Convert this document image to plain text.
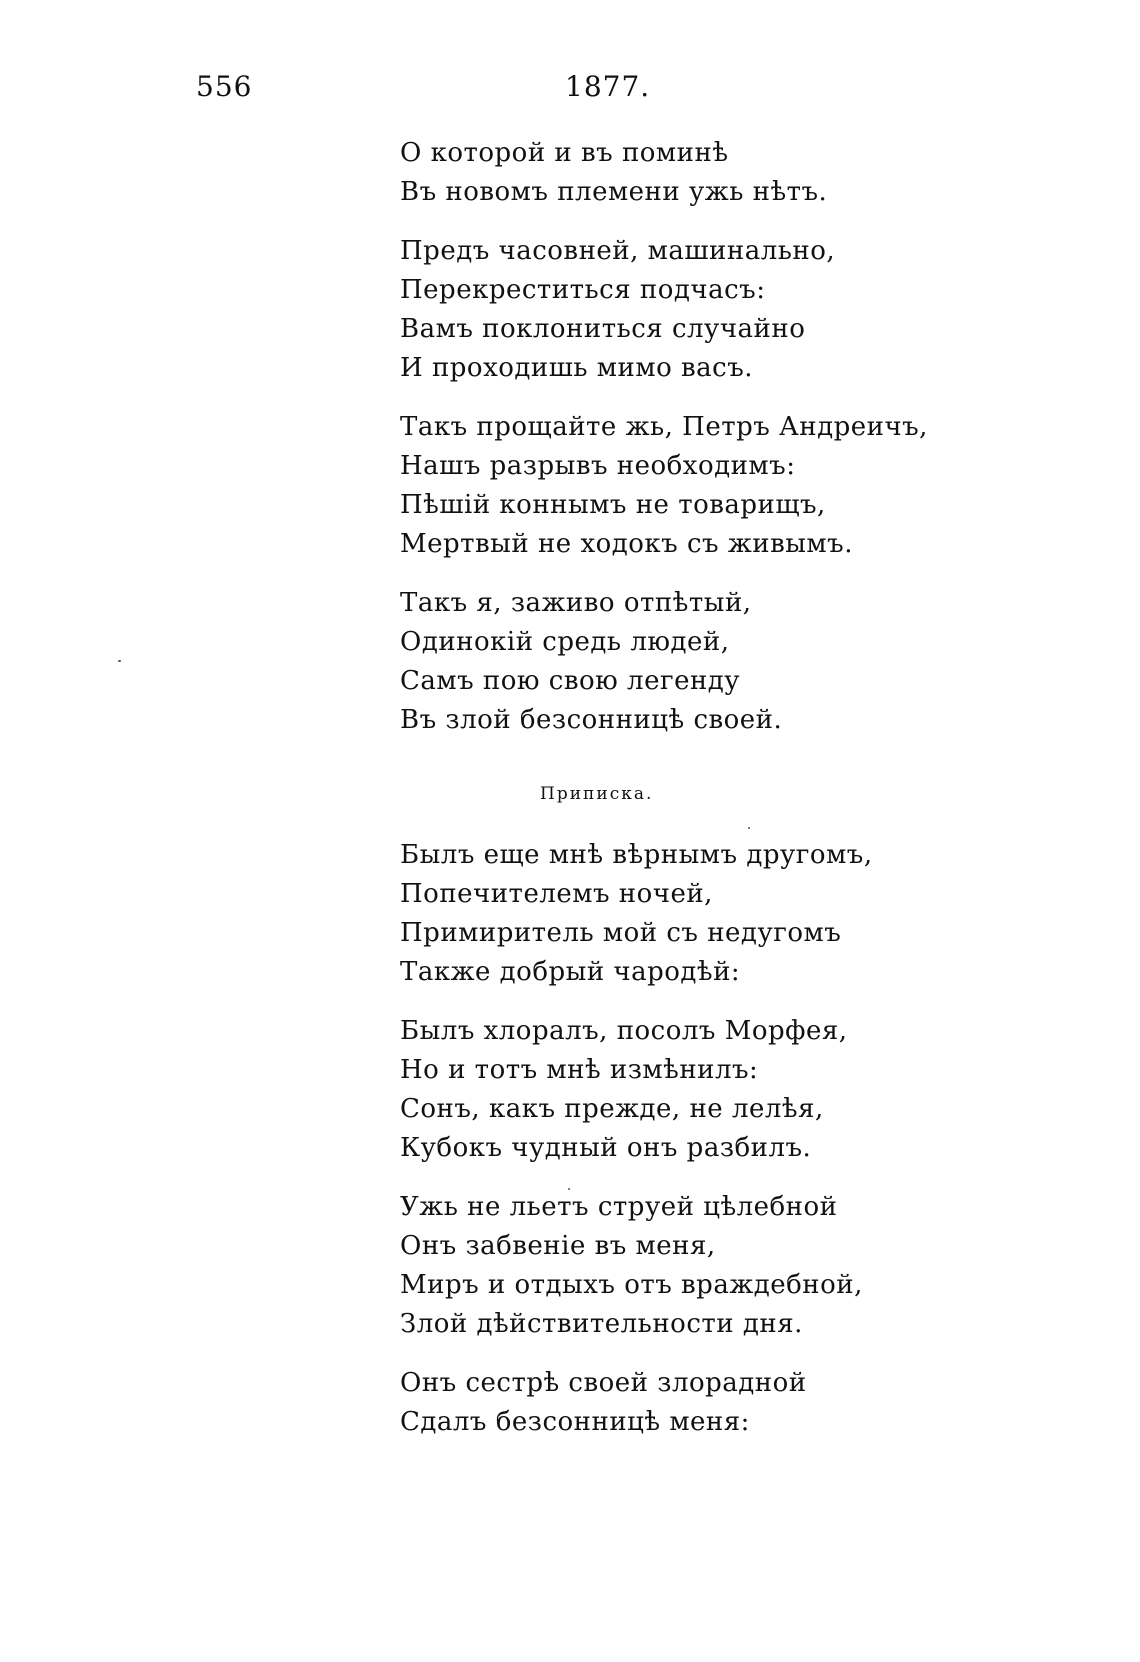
556	1877.
О которой и въ поминѣ
Въ новомъ племени ужь нѣтъ.
Предъ часовней, машинально,
Перекреститься подчасъ:
Вамъ поклониться случайно
И проходишь мимо васъ.
Такъ прощайте жь, Петръ Андреичъ,
Нашъ разрывъ необходимъ:
Пѣшій коннымъ не товарищъ,
Мертвый не ходокъ съ живымъ.
Такъ я, заживо отпѣтый,
Одинокій средь людей,
Самъ пою свою легенду
Въ злой безсонницѣ своей.
Приписка.
Былъ еще мнѣ вѣрнымъ другомъ,
Попечителемъ ночей,
Примиритель мой съ недугомъ
Также добрый чародѣй:
Былъ хлоралъ, посолъ Морфея,
Но и тотъ мнѣ измѣнилъ:
Сонъ, какъ прежде, не лелѣя,
Кубокъ чудный онъ разбилъ.
Ужь не льетъ струей цѣлебной
Онъ забвеніе въ меня,
Миръ и отдыхъ отъ враждебной,
Злой дѣйствительности дня.
Онъ сестрѣ своей злорадной
Сдалъ безсонницѣ меня:
